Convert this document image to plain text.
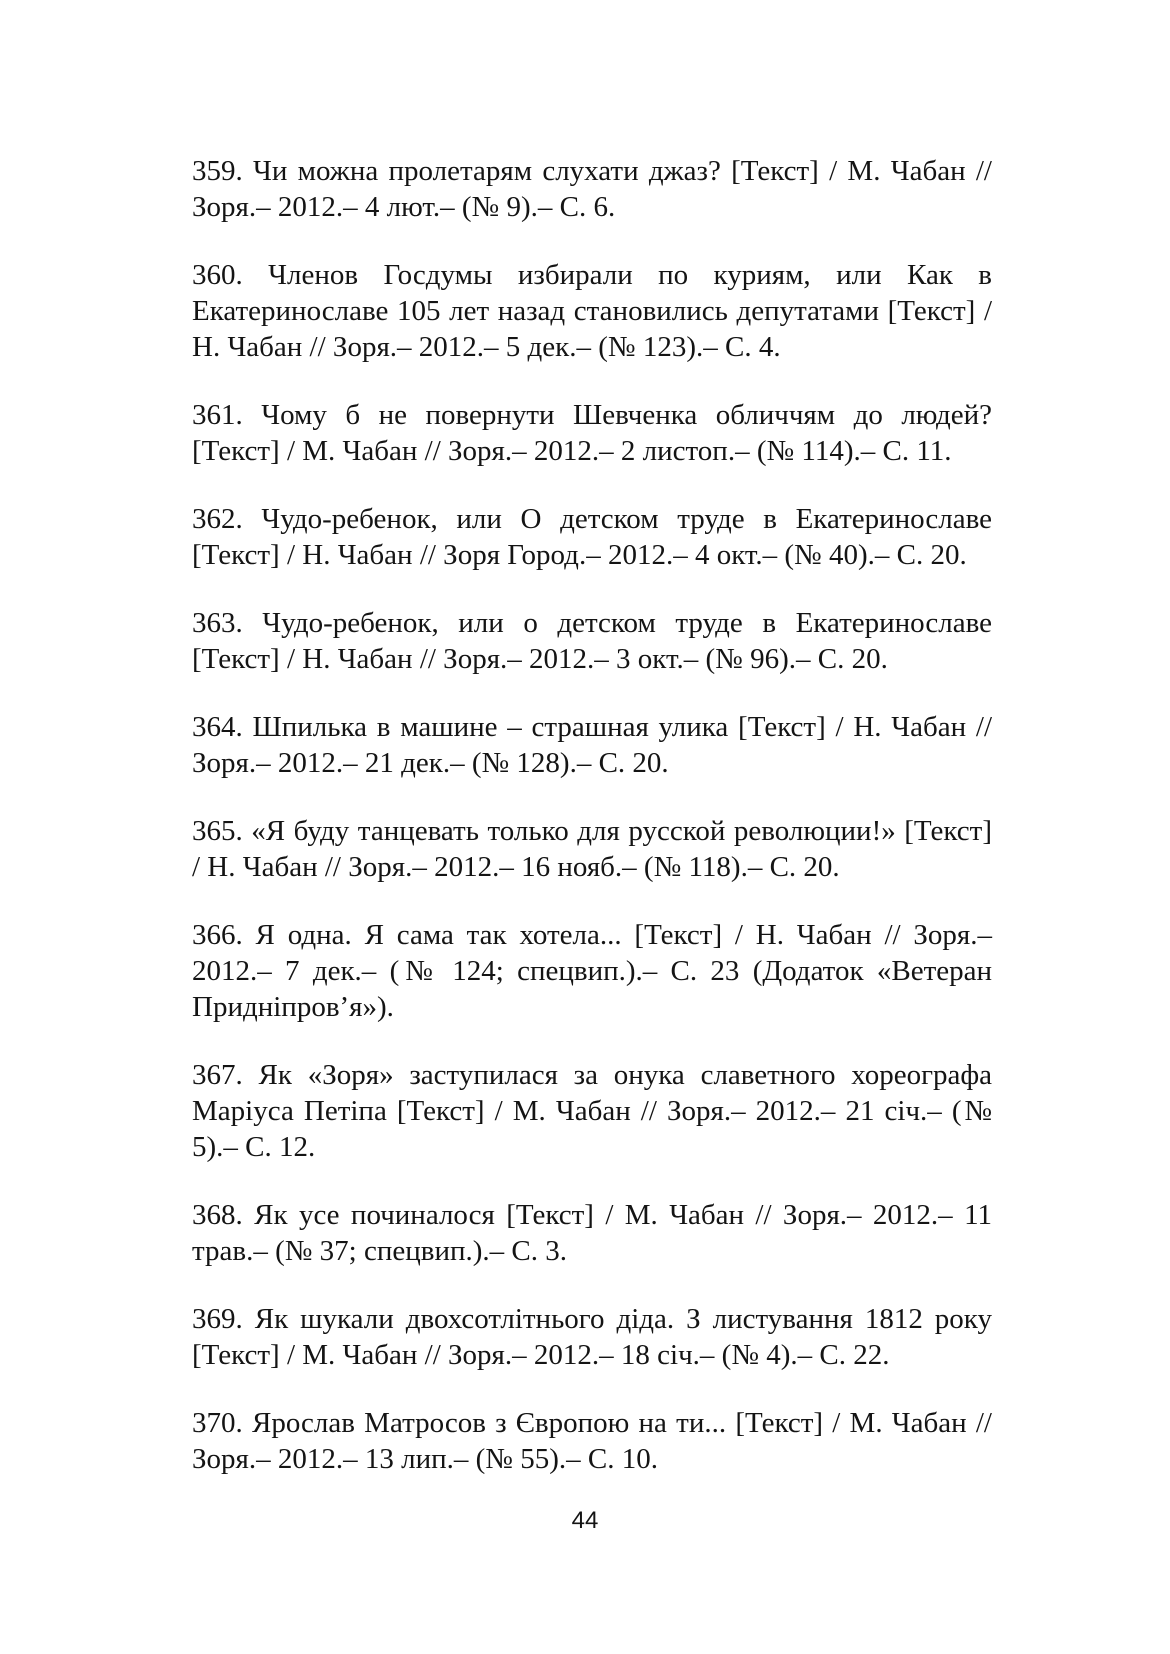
359. Чи можна пролетарям слухати джаз? [Текст] / М. Чабан // Зоря.– 2012.– 4 лют.– (№ 9).– С. 6.

360. Членов Госдумы избирали по куриям, или Как в Екатеринославе 105 лет назад становились депутатами [Текст] / Н. Чабан // Зоря.– 2012.– 5 дек.– (№ 123).– С. 4.

361. Чому б не повернути Шевченка обличчям до людей? [Текст] / М. Чабан // Зоря.– 2012.– 2 листоп.– (№ 114).– С. 11.

362. Чудо-ребенок, или О детском труде в Екатеринославе [Текст] / Н. Чабан // Зоря Город.– 2012.– 4 окт.– (№ 40).– С. 20.

363. Чудо-ребенок, или о детском труде в Екатеринославе [Текст] / Н. Чабан // Зоря.– 2012.– 3 окт.– (№ 96).– С. 20.

364. Шпилька в машине – страшная улика [Текст] / Н. Чабан // Зоря.– 2012.– 21 дек.– (№ 128).– С. 20.

365. «Я буду танцевать только для русской революции!» [Текст] / Н. Чабан // Зоря.– 2012.– 16 нояб.– (№ 118).– С. 20.

366. Я одна. Я сама так хотела... [Текст] / Н. Чабан // Зоря.– 2012.– 7 дек.– (№ 124; спецвип.).– С. 23 (Додаток «Ветеран Придніпров’я»).

367. Як «Зоря» заступилася за онука славетного хореографа Маріуса Петіпа [Текст] / М. Чабан // Зоря.– 2012.– 21 січ.– (№ 5).– С. 12.

368. Як усе починалося [Текст] / М. Чабан // Зоря.– 2012.– 11 трав.– (№ 37; спецвип.).– С. 3.

369. Як шукали двохсотлітнього діда. З листування 1812 року [Текст] / М. Чабан // Зоря.– 2012.– 18 січ.– (№ 4).– С. 22.

370. Ярослав Матросов з Європою на ти... [Текст] / М. Чабан // Зоря.– 2012.– 13 лип.– (№ 55).– С. 10.

44
